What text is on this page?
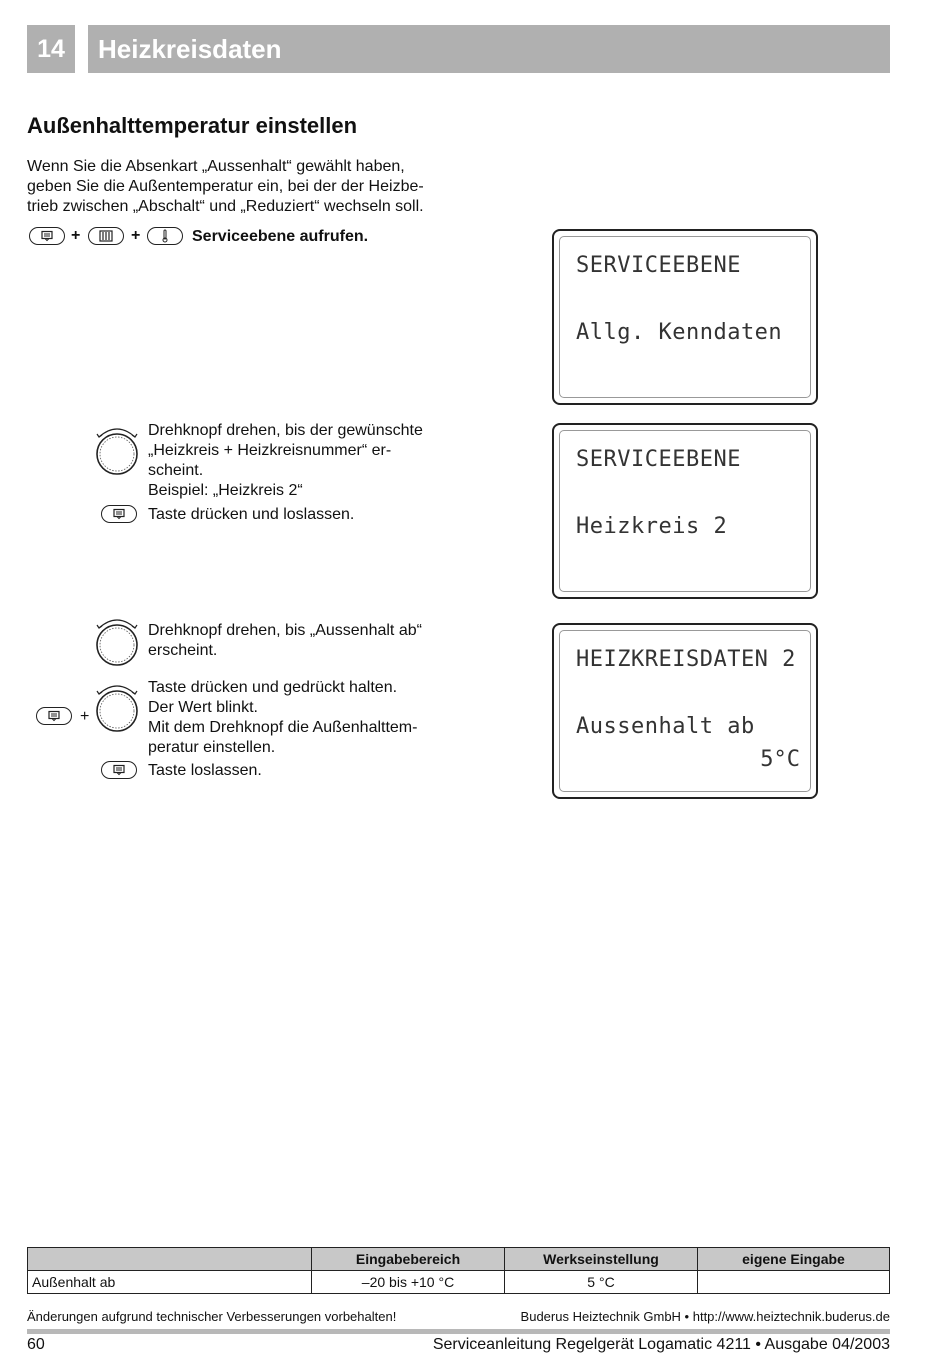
14	Heizkreisdaten
Außenhalttemperatur einstellen
Wenn Sie die Absenkart „Aussenhalt“ gewählt haben,
geben Sie die Außentemperatur ein, bei der der Heizbe-
trieb zwischen „Abschalt“ und „Reduziert“ wechseln soll.
+	+	Serviceebene aufrufen.
SERVICEEBENE
Allg. Kenndaten
Drehknopf drehen, bis der gewünschte
„Heizkreis + Heizkreisnummer“ er-
scheint.
Beispiel: „Heizkreis 2“
Taste drücken und loslassen.
SERVICEEBENE
Heizkreis 2
Drehknopf drehen, bis „Aussenhalt ab“
erscheint.
+
Taste drücken und gedrückt halten.
Der Wert blinkt.
Mit dem Drehknopf die Außenhalttem-
peratur einstellen.
Taste loslassen.
HEIZKREISDATEN 2
Aussenhalt ab
5°C
	Eingabebereich	Werkseinstellung	eigene Eingabe
Außenhalt ab	–20 bis +10 °C	5 °C	
Änderungen aufgrund technischer Verbesserungen vorbehalten!	Buderus Heiztechnik GmbH • http://www.heiztechnik.buderus.de
60	Serviceanleitung Regelgerät Logamatic 4211 • Ausgabe 04/2003
